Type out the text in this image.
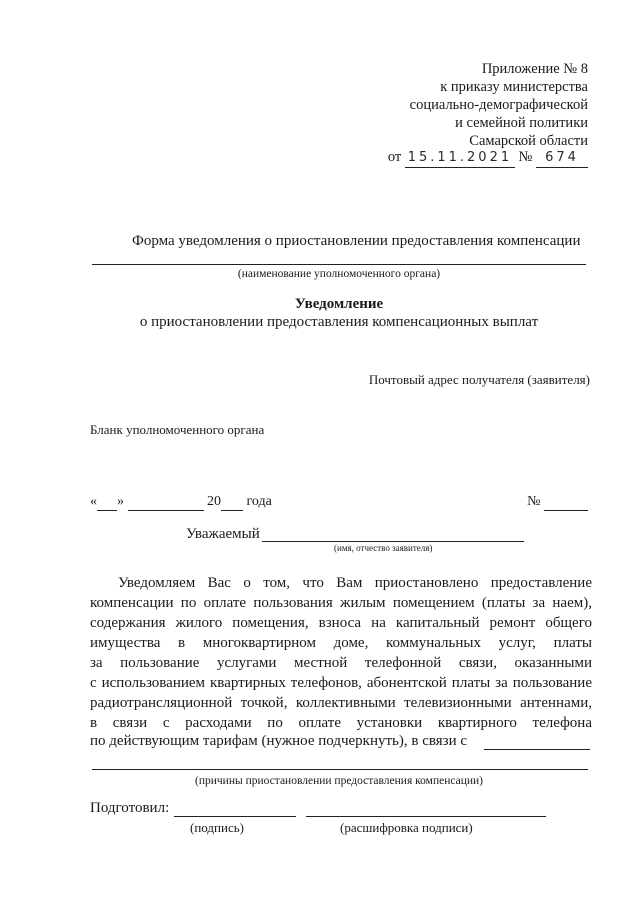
Приложение № 8
к приказу министерства
социально-демографической
и семейной политики
Самарской области
от 15.11.2021 № 674
Форма уведомления о приостановлении предоставления компенсации
(наименование уполномоченного органа)
Уведомление
о приостановлении предоставления компенсационных выплат
Почтовый адрес получателя (заявителя)
Бланк уполномоченного органа
« »	20 года	№
Уважаемый
(имя, отчество заявителя)
Уведомляем Вас о том, что Вам приостановлено предоставление
компенсации по оплате пользования жилым помещением (платы за наем),
содержания жилого помещения, взноса на капитальный ремонт общего
имущества в многоквартирном доме, коммунальных услуг, платы
за пользование услугами местной телефонной связи, оказанными
с использованием квартирных телефонов, абонентской платы за пользование
радиотрансляционной точкой, коллективными телевизионными антеннами,
в связи с расходами по оплате установки квартирного телефона
по действующим тарифам (нужное подчеркнуть), в связи с
(причины приостановлении предоставления компенсации)
Подготовил:
(подпись)	(расшифровка подписи)
